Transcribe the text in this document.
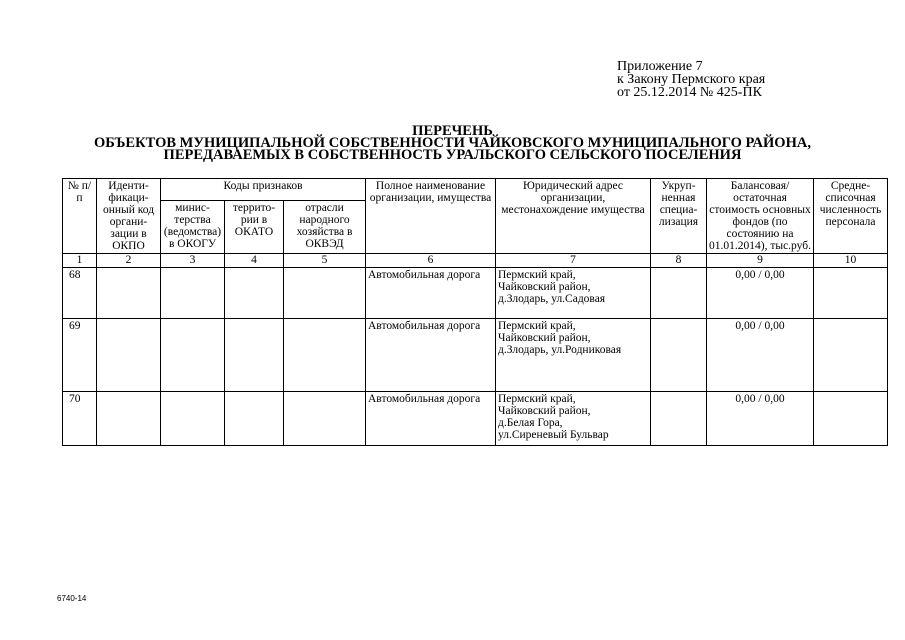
Приложение 7
к Закону Пермского края
от 25.12.2014 № 425-ПК
ПЕРЕЧЕНЬ
ОБЪЕКТОВ МУНИЦИПАЛЬНОЙ СОБСТВЕННОСТИ ЧАЙКОВСКОГО МУНИЦИПАЛЬНОГО РАЙОНА,
ПЕРЕДАВАЕМЫХ В СОБСТВЕННОСТЬ УРАЛЬСКОГО СЕЛЬСКОГО ПОСЕЛЕНИЯ
№ п/п	Иденти-фикаци-онный код органи-зации в ОКПО	Коды признаков			Полное наименование организации, имущества	Юридический адрес организации, местонахождение имущества	Укруп-ненная специа-лизация	Балансовая/ остаточная стоимость основных фондов (по состоянию на 01.01.2014), тыс.руб.	Средне-списочная численность персонала
		минис-терства (ведомства) в ОКОГУ	террито-рии в ОКАТО	отрасли народного хозяйства в ОКВЭД					
1	2	3	4	5	6	7	8	9	10
68					Автомобильная дорога	Пермский край,
Чайковский район,
д.Злодарь, ул.Садовая		0,00 / 0,00	
69					Автомобильная дорога	Пермский край,
Чайковский район,
д.Злодарь, ул.Родниковая		0,00 / 0,00	
70					Автомобильная дорога	Пермский край,
Чайковский район,
д.Белая Гора,
ул.Сиреневый Бульвар		0,00 / 0,00	
6740-14
